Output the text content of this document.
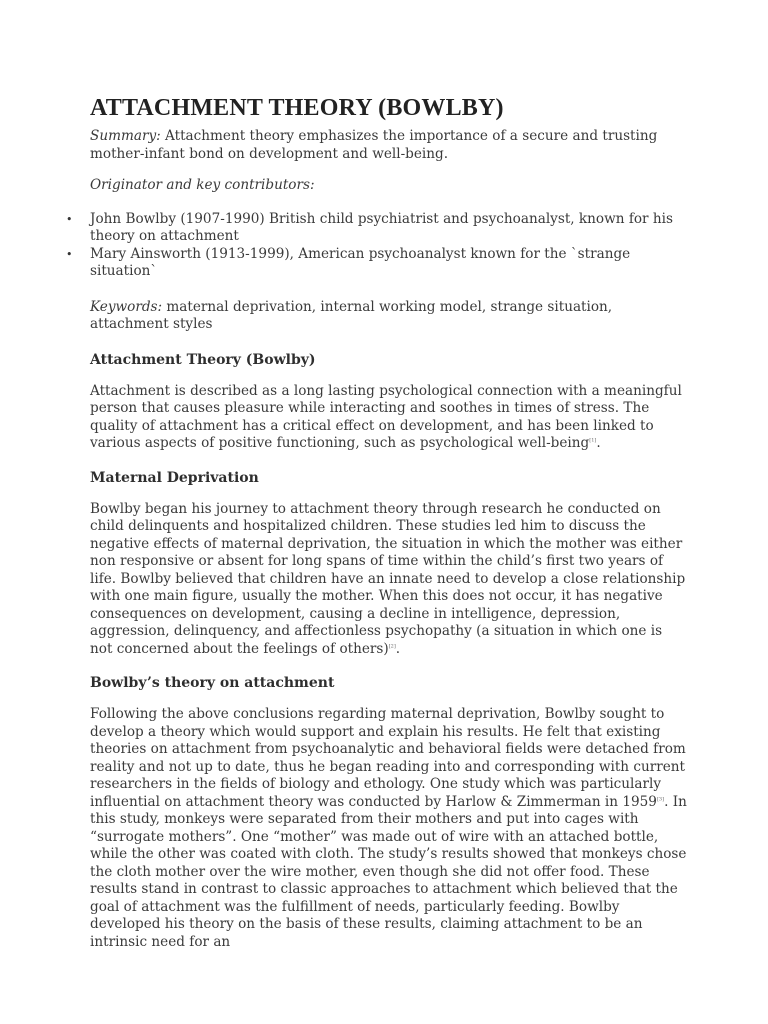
ATTACHMENT THEORY (BOWLBY)

Summary: Attachment theory emphasizes the importance of a secure and trusting mother-infant bond on development and well-being.

Originator and key contributors:

• John Bowlby (1907-1990) British child psychiatrist and psychoanalyst, known for his theory on attachment
• Mary Ainsworth (1913-1999), American psychoanalyst known for the `strange situation`

Keywords: maternal deprivation, internal working model, strange situation, attachment styles

Attachment Theory (Bowlby)

Attachment is described as a long lasting psychological connection with a meaningful person that causes pleasure while interacting and soothes in times of stress. The quality of attachment has a critical effect on development, and has been linked to various aspects of positive functioning, such as psychological well-being[1].

Maternal Deprivation

Bowlby began his journey to attachment theory through research he conducted on child delinquents and hospitalized children. These studies led him to discuss the negative effects of maternal deprivation, the situation in which the mother was either non responsive or absent for long spans of time within the child’s first two years of life. Bowlby believed that children have an innate need to develop a close relationship with one main figure, usually the mother. When this does not occur, it has negative consequences on development, causing a decline in intelligence, depression, aggression, delinquency, and affectionless psychopathy (a situation in which one is not concerned about the feelings of others)[2].

Bowlby’s theory on attachment

Following the above conclusions regarding maternal deprivation, Bowlby sought to develop a theory which would support and explain his results. He felt that existing theories on attachment from psychoanalytic and behavioral fields were detached from reality and not up to date, thus he began reading into and corresponding with current researchers in the fields of biology and ethology. One study which was particularly influential on attachment theory was conducted by Harlow & Zimmerman in 1959[3]. In this study, monkeys were separated from their mothers and put into cages with “surrogate mothers”. One “mother” was made out of wire with an attached bottle, while the other was coated with cloth. The study’s results showed that monkeys chose the cloth mother over the wire mother, even though she did not offer food. These results stand in contrast to classic approaches to attachment which believed that the goal of attachment was the fulfillment of needs, particularly feeding. Bowlby developed his theory on the basis of these results, claiming attachment to be an intrinsic need for an
